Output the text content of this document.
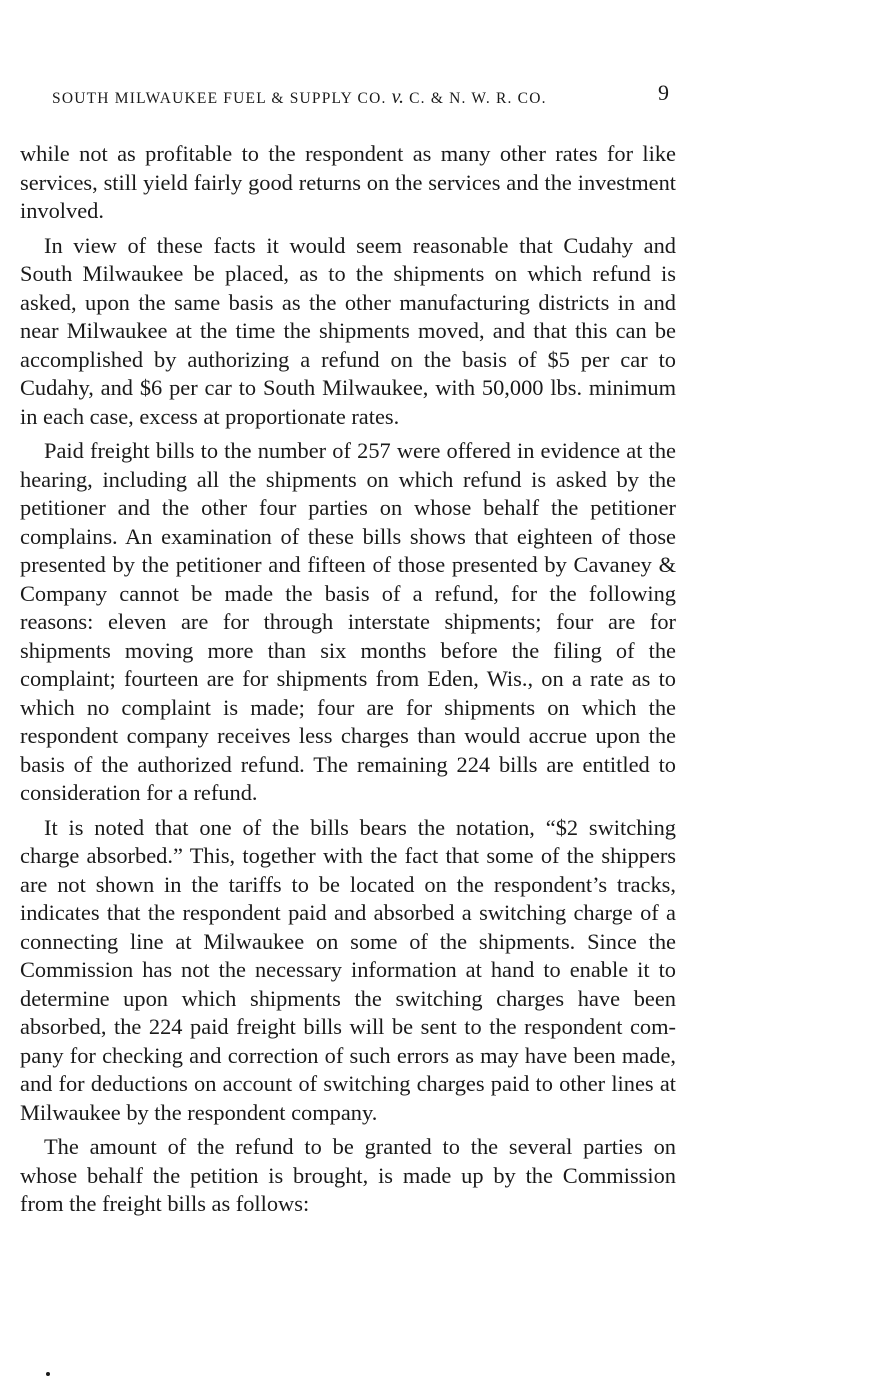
SOUTH MILWAUKEE FUEL & SUPPLY CO. v. C. & N. W. R. CO.	9

while not as profitable to the respondent as many other rates for like services, still yield fairly good returns on the services and the investment involved.

In view of these facts it would seem reasonable that Cudahy and South Milwaukee be placed, as to the shipments on which refund is asked, upon the same basis as the other manufacturing districts in and near Milwaukee at the time the shipments moved, and that this can be accomplished by authorizing a refund on the basis of $5 per car to Cudahy, and $6 per car to South Milwaukee, with 50,000 lbs. minimum in each case, excess at proportionate rates.

Paid freight bills to the number of 257 were offered in evidence at the hearing, including all the shipments on which refund is asked by the petitioner and the other four parties on whose behalf the petitioner complains. An examination of these bills shows that eighteen of those presented by the petitioner and fifteen of those presented by Cavaney & Company cannot be made the basis of a refund, for the following reasons: eleven are for through interstate shipments; four are for shipments moving more than six months before the filing of the complaint; fourteen are for shipments from Eden, Wis., on a rate as to which no complaint is made; four are for shipments on which the respondent company receives less charges than would accrue upon the basis of the authorized refund. The remaining 224 bills are entitled to consideration for a refund.

It is noted that one of the bills bears the notation, “$2 switching charge absorbed.” This, together with the fact that some of the shippers are not shown in the tariffs to be located on the respondent’s tracks, indicates that the respondent paid and absorbed a switching charge of a connecting line at Milwaukee on some of the shipments. Since the Commission has not the necessary information at hand to enable it to determine upon which shipments the switching charges have been absorbed, the 224 paid freight bills will be sent to the respondent company for checking and correction of such errors as may have been made, and for deductions on account of switching charges paid to other lines at Milwaukee by the respondent company.

The amount of the refund to be granted to the several parties on whose behalf the petition is brought, is made up by the Commission from the freight bills as follows:
